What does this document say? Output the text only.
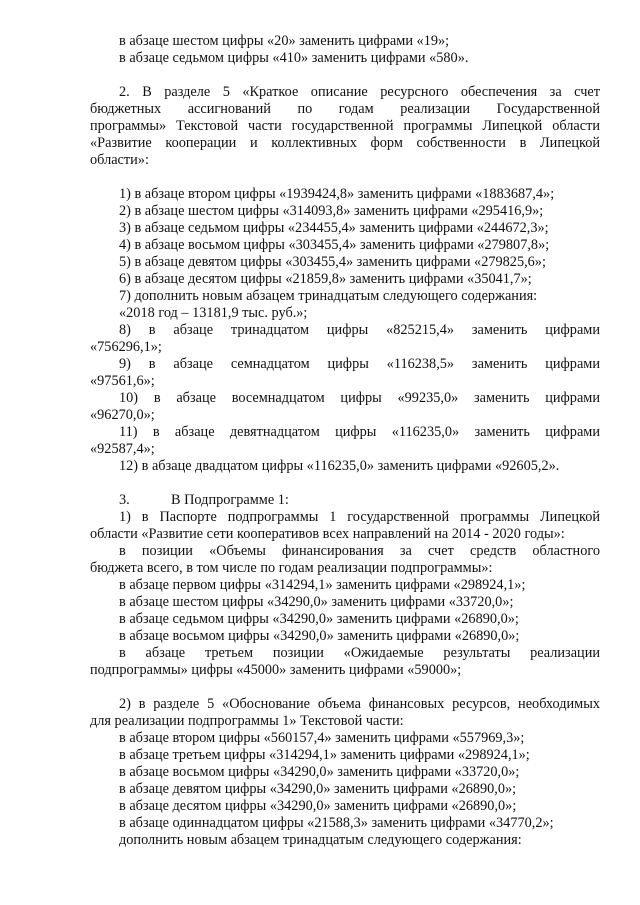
в абзаце шестом цифры «20» заменить цифрами «19»;
в абзаце седьмом цифры «410» заменить цифрами «580».
2. В разделе 5 «Краткое описание ресурсного обеспечения за счет
бюджетных ассигнований по годам реализации Государственной
программы» Текстовой части государственной программы Липецкой области
«Развитие кооперации и коллективных форм собственности в Липецкой
области»:
1) в абзаце втором цифры «1939424,8» заменить цифрами «1883687,4»;
2) в абзаце шестом цифры «314093,8» заменить цифрами «295416,9»;
3) в абзаце седьмом цифры «234455,4» заменить цифрами «244672,3»;
4) в абзаце восьмом цифры «303455,4» заменить цифрами «279807,8»;
5) в абзаце девятом цифры «303455,4» заменить цифрами «279825,6»;
6) в абзаце десятом цифры «21859,8» заменить цифрами «35041,7»;
7) дополнить новым абзацем тринадцатым следующего содержания:
«2018 год – 13181,9 тыс. руб.»;
8) в абзаце тринадцатом цифры «825215,4» заменить цифрами
«756296,1»;
9) в абзаце семнадцатом цифры «116238,5» заменить цифрами
«97561,6»;
10) в абзаце восемнадцатом цифры «99235,0» заменить цифрами
«96270,0»;
11) в абзаце девятнадцатом цифры «116235,0» заменить цифрами
«92587,4»;
12) в абзаце двадцатом цифры «116235,0» заменить цифрами «92605,2».
3.	В Подпрограмме 1:
1) в Паспорте подпрограммы 1 государственной программы Липецкой
области «Развитие сети кооперативов всех направлений на 2014 - 2020 годы»:
в позиции «Объемы финансирования за счет средств областного
бюджета всего, в том числе по годам реализации подпрограммы»:
в абзаце первом цифры «314294,1» заменить цифрами «298924,1»;
в абзаце шестом цифры «34290,0» заменить цифрами «33720,0»;
в абзаце седьмом цифры «34290,0» заменить цифрами «26890,0»;
в абзаце восьмом цифры «34290,0» заменить цифрами «26890,0»;
в абзаце третьем позиции «Ожидаемые результаты реализации
подпрограммы» цифры «45000» заменить цифрами «59000»;
2) в разделе 5 «Обоснование объема финансовых ресурсов, необходимых
для реализации подпрограммы 1» Текстовой части:
в абзаце втором цифры «560157,4» заменить цифрами «557969,3»;
в абзаце третьем цифры «314294,1» заменить цифрами «298924,1»;
в абзаце восьмом цифры «34290,0» заменить цифрами «33720,0»;
в абзаце девятом цифры «34290,0» заменить цифрами «26890,0»;
в абзаце десятом цифры «34290,0» заменить цифрами «26890,0»;
в абзаце одиннадцатом цифры «21588,3» заменить цифрами «34770,2»;
дополнить новым абзацем тринадцатым следующего содержания:
